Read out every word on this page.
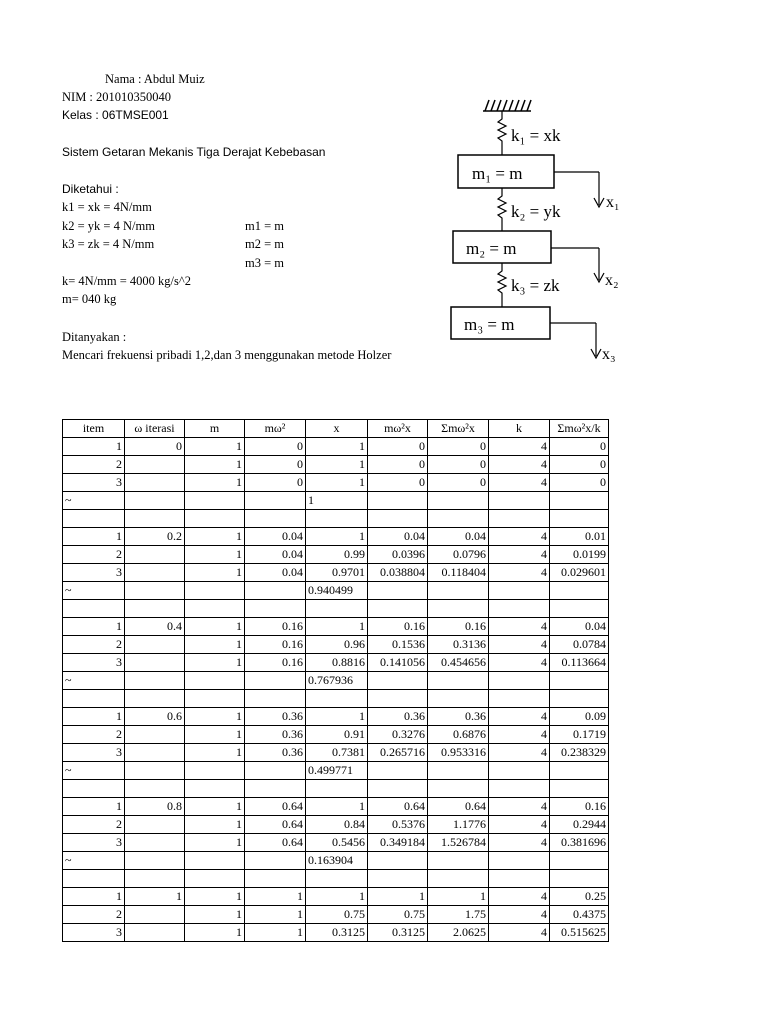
Nama : Abdul Muiz
NIM : 201010350040
Kelas : 06TMSE001
Sistem Getaran Mekanis Tiga Derajat Kebebasan
Diketahui :
k1 = xk = 4N/mm
k2 = yk = 4 N/mm
k3 = zk = 4 N/mm
m1 = m
m2 = m
m3 = m
k= 4N/mm = 4000 kg/s^2
m= 040 kg
Ditanyakan :
Mencari frekuensi pribadi 1,2,dan 3 menggunakan metode Holzer
k₁ = xk
m₁ = m
x₁
k₂ = yk
m₂ = m
x₂
k₃ = zk
m₃ = m
x₃
item	ω iterasi	m	mω²	x	mω²x	Σmω²x	k	Σmω²x/k
1	0	1	0	1	0	0	4	0
2		1	0	1	0	0	4	0
3		1	0	1	0	0	4	0
~				1				

1	0.2	1	0.04	1	0.04	0.04	4	0.01
2		1	0.04	0.99	0.0396	0.0796	4	0.0199
3		1	0.04	0.9701	0.038804	0.118404	4	0.029601
~				0.940499				

1	0.4	1	0.16	1	0.16	0.16	4	0.04
2		1	0.16	0.96	0.1536	0.3136	4	0.0784
3		1	0.16	0.8816	0.141056	0.454656	4	0.113664
~				0.767936				

1	0.6	1	0.36	1	0.36	0.36	4	0.09
2		1	0.36	0.91	0.3276	0.6876	4	0.1719
3		1	0.36	0.7381	0.265716	0.953316	4	0.238329
~				0.499771				

1	0.8	1	0.64	1	0.64	0.64	4	0.16
2		1	0.64	0.84	0.5376	1.1776	4	0.2944
3		1	0.64	0.5456	0.349184	1.526784	4	0.381696
~				0.163904				

1	1	1	1	1	1	1	4	0.25
2		1	1	0.75	0.75	1.75	4	0.4375
3		1	1	0.3125	0.3125	2.0625	4	0.515625
